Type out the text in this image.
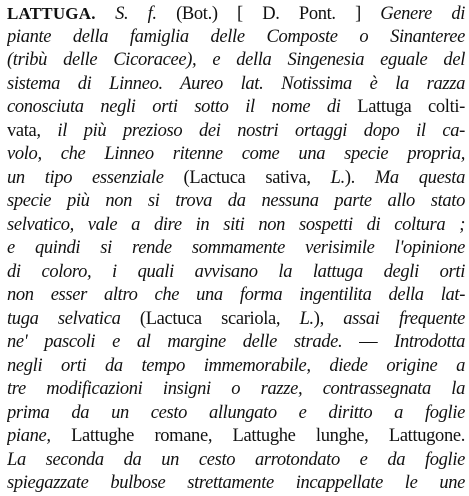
LATTUGA. S. f. (Bot.) [ D. Pont. ] Genere di
piante della famiglia delle Composte o Sinanteree
(tribù delle Cicoracee), e della Singenesia eguale del
sistema di Linneo. Aureo lat. Notissima è la razza
conosciuta negli orti sotto il nome di Lattuga colti-
vata, il più prezioso dei nostri ortaggi dopo il ca-
volo, che Linneo ritenne come una specie propria,
un tipo essenziale (Lactuca sativa, L.). Ma questa
specie più non si trova da nessuna parte allo stato
selvatico, vale a dire in siti non sospetti di coltura ;
e quindi si rende sommamente verisimile l'opinione
di coloro, i quali avvisano la lattuga degli orti
non esser altro che una forma ingentilita della lat-
tuga selvatica (Lactuca scariola, L.), assai frequente
ne' pascoli e al margine delle strade. — Introdotta
negli orti da tempo immemorabile, diede origine a
tre modificazioni insigni o razze, contrassegnata la
prima da un cesto allungato e diritto a foglie
piane, Lattughe romane, Lattughe lunghe, Lattugone.
La seconda da un cesto arrotondato e da foglie
spiegazzate bulbose strettamente incappellate le une
